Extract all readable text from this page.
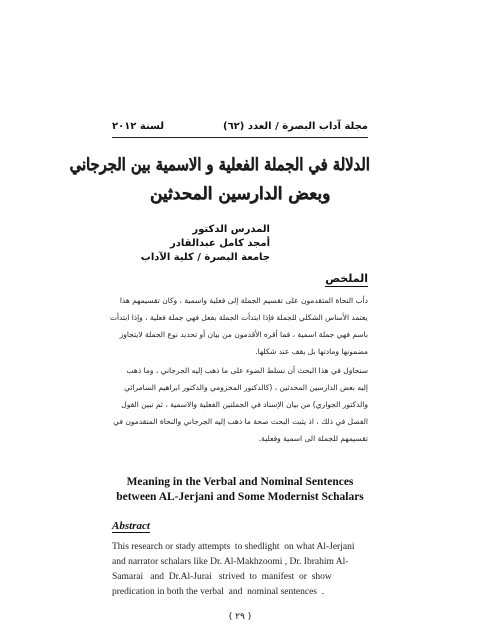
مجلة آداب البصرة / العدد (٦٢)
لسنة ٢٠١٢
الدلالة في الجملة الفعلية و الاسمية بين الجرجاني
وبعض الدارسين المحدثين
المدرس الدكتور
أمجد كامل عبدالقادر
جامعة البصرة / كلية الآداب
الملخص
دأب النحاة المتقدمون على تقسيم الجملة إلى فعلية واسمية ، وكان تقسيمهم هذا
يعتمد الأساس الشكلي للجملة فإذا ابتدأت الجملة بفعل فهي جملة فعلية ، وإذا ابتدأت
باسم فهي جملة اسمية ، فما أقره الأقدمون من بيان أو تحديد نوع الجملة لايتجاوز
مضمونها ومادتها بل يقف عند شكلها.
سنحاول في هذا البحث أن نسلط الضوء على ما ذهب إليه الجرجاني ، وما ذهب
إليه بعض الدارسين المحدثين ، (كالدكتور المخزومي والدكتور ابراهيم السامرائي
والدكتور الجواري) من بيان الإسناد في الجملتين الفعلية والاسمية ، ثم نبين القول
الفصل في ذلك ، اذ يثبت البحث صحة ما ذهب إليه الجرجاني والنحاة المتقدمون في
تقسيمهم للجملة الى اسمية وفعلية.
Meaning in the Verbal and Nominal Sentences
between AL-Jerjani and Some Modernist Schalars
Abstract
This research or stady attempts  to shedlight  on what Al-Jerjani
and narrator schalars like Dr. Al-Makhzoomi , Dr. Ibrahim Al-
Samarai   and  Dr.Al-Jurai   strived  to  manifest  or  show
predication in both the verbal  and  nominal sentences  .
( ٢٩ )
